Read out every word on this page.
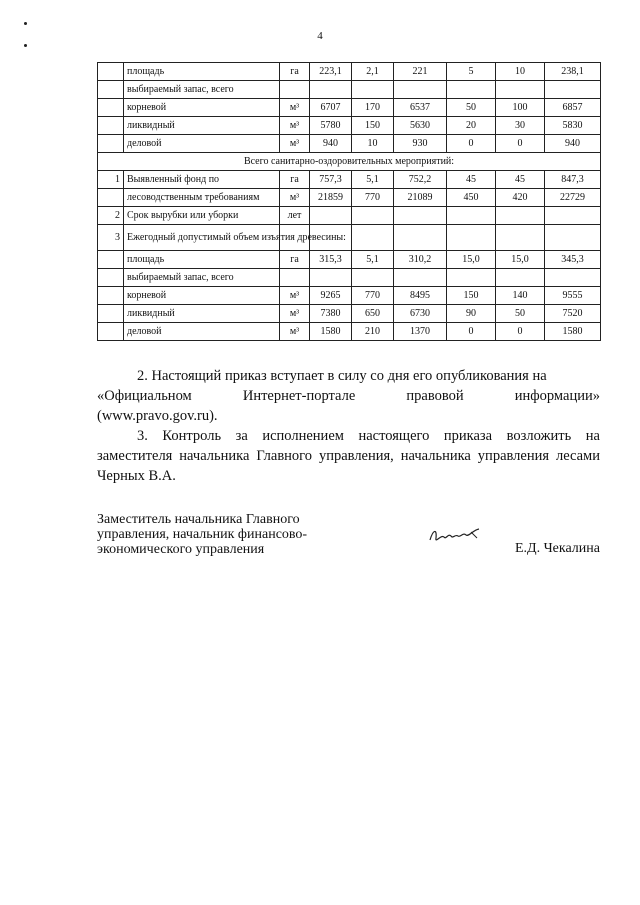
4
	площадь	га	223,1	2,1	221	5	10	238,1
	выбираемый запас, всего							
	корневой	м³	6707	170	6537	50	100	6857
	ликвидный	м³	5780	150	5630	20	30	5830
	деловой	м³	940	10	930	0	0	940
Всего санитарно-оздоровительных мероприятий:								
1	Выявленный фонд по	га	757,3	5,1	752,2	45	45	847,3
	лесоводственным требованиям	м³	21859	770	21089	450	420	22729
2	Срок вырубки или уборки	лет						
3	Ежегодный допустимый объем изъятия древесины:							
	площадь	га	315,3	5,1	310,2	15,0	15,0	345,3
	выбираемый запас, всего							
	корневой	м³	9265	770	8495	150	140	9555
	ликвидный	м³	7380	650	6730	90	50	7520
	деловой	м³	1580	210	1370	0	0	1580

2. Настоящий приказ вступает в силу со дня его опубликования на

«Официальном	Интернет-портале	правовой	информации»

(www.pravo.gov.ru).

3. Контроль за исполнением настоящего приказа возложить на заместителя начальника Главного управления, начальника управления лесами Черных В.А.

Заместитель начальника Главного
управления, начальник финансово-
экономического управления	Е.Д. Чекалина
